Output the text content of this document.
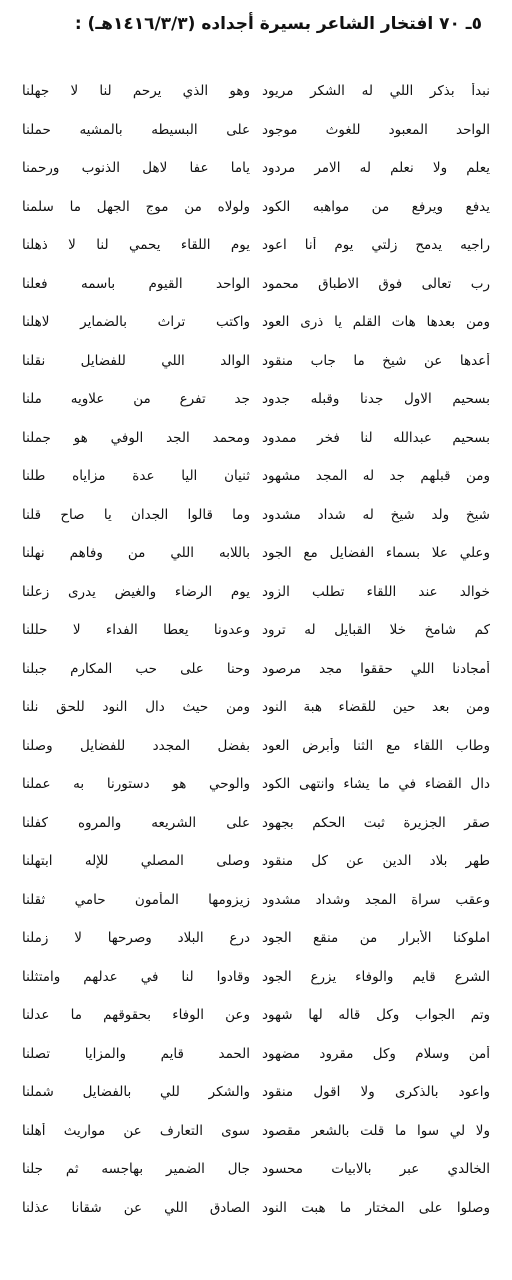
٥ـ ٧٠ افتخار الشاعر بسيرة أجداده (١٤١٦/٣/٣هـ) :
نبدأ بذكر اللي له الشكر مريود
وهو الذي يرحم لنا لا جهلنا
الواحد المعبود للغوث موجود
على البسيطه بالمشيه حملنا
يعلم ولا نعلم له الامر مردود
ياما عفا لاهل الذنوب ورحمنا
يدفع ويرفع من مواهبه الكود
ولولاه من موج الجهل ما سلمنا
راجيه يدمح زلتي يوم أنا اعود
يوم اللقاء يحمي لنا لا ذهلنا
رب تعالى فوق الاطباق محمود
الواحد القيوم باسمه فعلنا
ومن بعدها هات القلم يا ذرى العود
واكتب تراث بالضماير لاهلنا
أعدها عن شيخ ما جاب منقود
الوالد اللي للفضايل نقلنا
بسحيم الاول جدنا وقبله جدود
جد تفرع من علاويه ملنا
بسحيم عبدالله لنا فخر ممدود
ومحمد الجد الوفي هو جملنا
ومن قبلهم جد له المجد مشهود
ثنيان اليا عدة مزاياه طلنا
شيخ ولد شيخ له شداد مشدود
وما قالوا الجدان يا صاح قلنا
وعلي علا بسماء الفضايل مع الجود
باللابه اللي من وفاهم نهلنا
خوالد عند اللقاء تطلب الزود
يوم الرضاء والغيض يدرى زعلنا
كم شامخ خلا القبايل له ترود
وعدونا يعطا الفداء لا حللنا
أمجادنا اللي حققوا مجد مرصود
وحنا على حب المكارم جبلنا
ومن بعد حين للقضاء هبة النود
ومن حيث دال النود للحق نلنا
وطاب اللقاء مع الثنا وأبرض العود
بفضل المجدد للفضايل وصلنا
دال القضاء في ما يشاء وانتهى الكود
والوحي هو دستورنا به عملنا
صقر الجزيرة ثبت الحكم بجهود
على الشريعه والمروه كفلنا
طهر بلاد الدين عن كل منقود
وصلى المصلي للإله ابتهلنا
وعقب سراة المجد وشداد مشدود
زيزومها المأمون حامي ثقلنا
املوكنا الأبرار من منقع الجود
درع البلاد وصرحها لا زملنا
الشرع قايم والوفاء يزرع الجود
وقادوا لنا في عدلهم وامتثلنا
وتم الجواب وكل قاله لها شهود
وعن الوفاء بحقوقهم ما عدلنا
أمن وسلام وكل مقرود مضهود
الحمد قايم والمزايا تصلنا
واعود بالذكرى ولا اقول منقود
والشكر للي بالفضايل شملنا
ولا لي سوا ما قلت بالشعر مقصود
سوى التعارف عن مواريث أهلنا
الخالدي عبر بالابيات محسود
جال الضمير بهاجسه ثم جلنا
وصلوا على المختار ما هبت النود
الصادق اللي عن شقانا عذلنا
